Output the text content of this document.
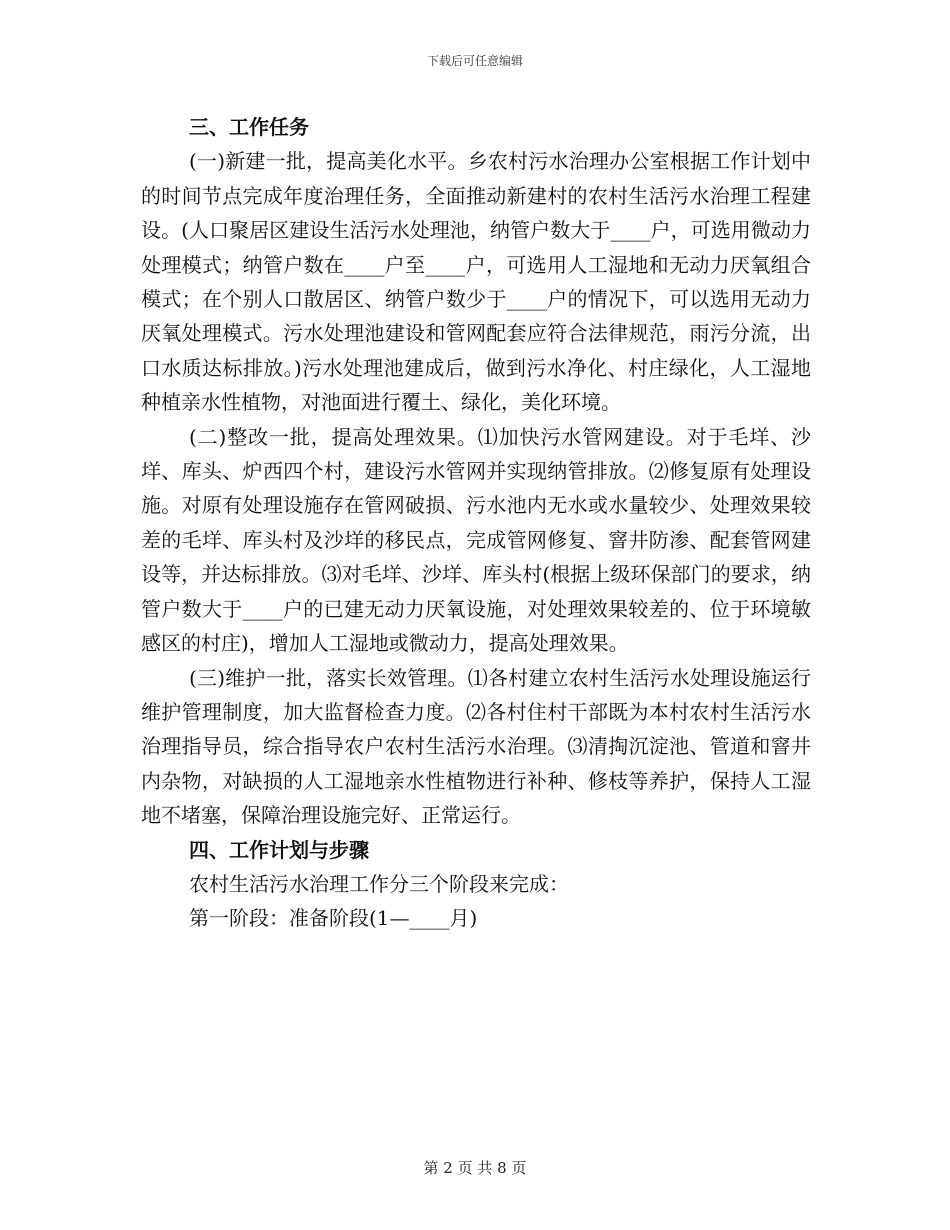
下载后可任意编辑
三、工作任务
(一)新建一批，提高美化水平。乡农村污水治理办公室根据工作计划中的时间节点完成年度治理任务，全面推动新建村的农村生活污水治理工程建设。(人口聚居区建设生活污水处理池，纳管户数大于____户，可选用微动力处理模式；纳管户数在____户至____户，可选用人工湿地和无动力厌氧组合模式；在个别人口散居区、纳管户数少于____户的情况下，可以选用无动力厌氧处理模式。污水处理池建设和管网配套应符合法律规范，雨污分流，出口水质达标排放。)污水处理池建成后，做到污水净化、村庄绿化，人工湿地种植亲水性植物，对池面进行覆土、绿化，美化环境。
(二)整改一批，提高处理效果。⑴加快污水管网建设。对于毛垟、沙垟、库头、炉西四个村，建设污水管网并实现纳管排放。⑵修复原有处理设施。对原有处理设施存在管网破损、污水池内无水或水量较少、处理效果较差的毛垟、库头村及沙垟的移民点，完成管网修复、窨井防渗、配套管网建设等，并达标排放。⑶对毛垟、沙垟、库头村(根据上级环保部门的要求，纳管户数大于____户的已建无动力厌氧设施，对处理效果较差的、位于环境敏感区的村庄)，增加人工湿地或微动力，提高处理效果。
(三)维护一批，落实长效管理。⑴各村建立农村生活污水处理设施运行维护管理制度，加大监督检查力度。⑵各村住村干部既为本村农村生活污水治理指导员，综合指导农户农村生活污水治理。⑶清掏沉淀池、管道和窨井内杂物，对缺损的人工湿地亲水性植物进行补种、修枝等养护，保持人工湿地不堵塞，保障治理设施完好、正常运行。
四、工作计划与步骤
农村生活污水治理工作分三个阶段来完成：
第一阶段：准备阶段(1—____月)
第 2 页 共 8 页
